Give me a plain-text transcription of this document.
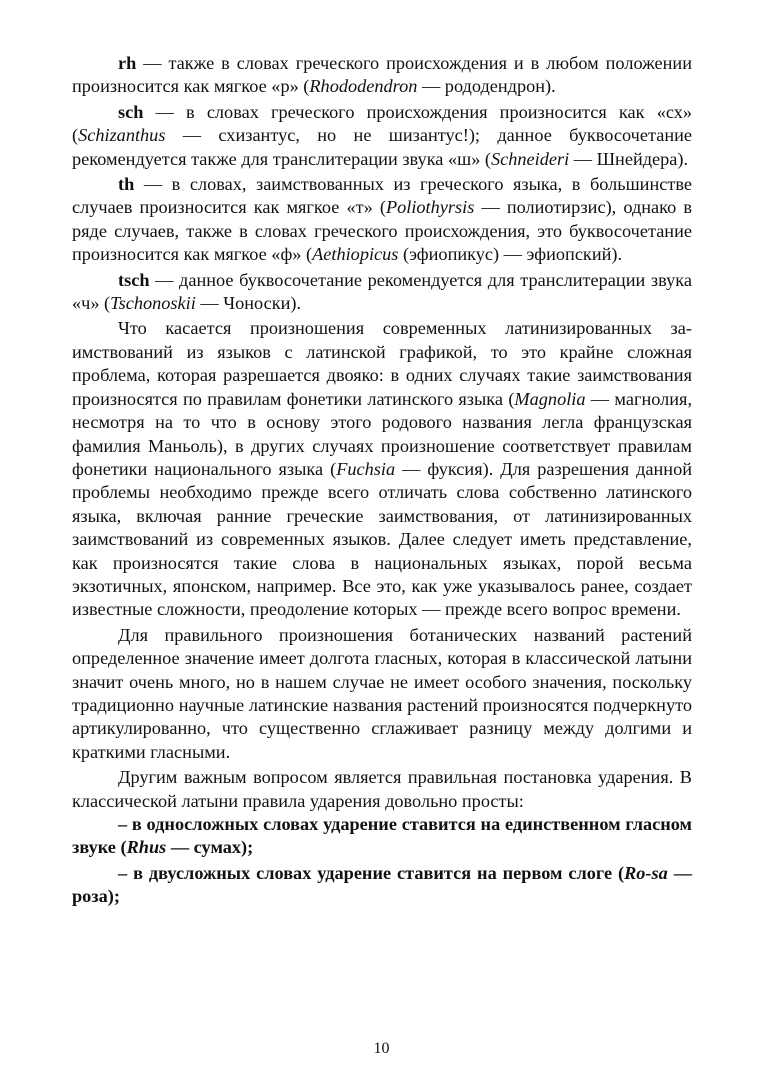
rh — также в словах греческого происхождения и в любом положении произносится как мягкое «р» (Rhododendron — рододендрон).

sch — в словах греческого происхождения произносится как «сх» (Schizanthus — схизантус, но не шизантус!); данное буквосочетание рекомендуется также для транслитерации звука «ш» (Schneideri — Шнейдера).

th — в словах, заимствованных из греческого языка, в большинстве случаев произносится как мягкое «т» (Poliothyrsis — полиотирзис), однако в ряде случаев, также в словах греческого происхождения, это буквосочетание произносится как мягкое «ф» (Aethiopicus (эфиопикус) — эфиопский).

tsch — данное буквосочетание рекомендуется для транслитерации звука «ч» (Tschonoskii — Чоноски).

Что касается произношения современных латинизированных заимствований из языков с латинской графикой, то это крайне сложная проблема, которая разрешается двояко: в одних случаях такие заимствования произносятся по правилам фонетики латинского языка (Magnolia — магнолия, несмотря на то что в основу этого родового названия легла французская фамилия Маньоль), в других случаях произношение соответствует правилам фонетики национального языка (Fuchsia — фуксия). Для разрешения данной проблемы необходимо прежде всего отличать слова собственно латинского языка, включая ранние греческие заимствования, от латинизированных заимствований из современных языков. Далее следует иметь представление, как произносятся такие слова в национальных языках, порой весьма экзотичных, японском, например. Все это, как уже указывалось ранее, создает известные сложности, преодоление которых — прежде всего вопрос времени.

Для правильного произношения ботанических названий растений определенное значение имеет долгота гласных, которая в классической латыни значит очень много, но в нашем случае не имеет особого значения, поскольку традиционно научные латинские названия растений произносятся подчеркнуто артикулированно, что существенно сглаживает разницу между долгими и краткими гласными.

Другим важным вопросом является правильная постановка ударения. В классической латыни правила ударения довольно просты:

– в односложных словах ударение ставится на единственном гласном звуке (Rhus — сумах);

– в двусложных словах ударение ставится на первом слоге (Ro-sa — роза);

10
